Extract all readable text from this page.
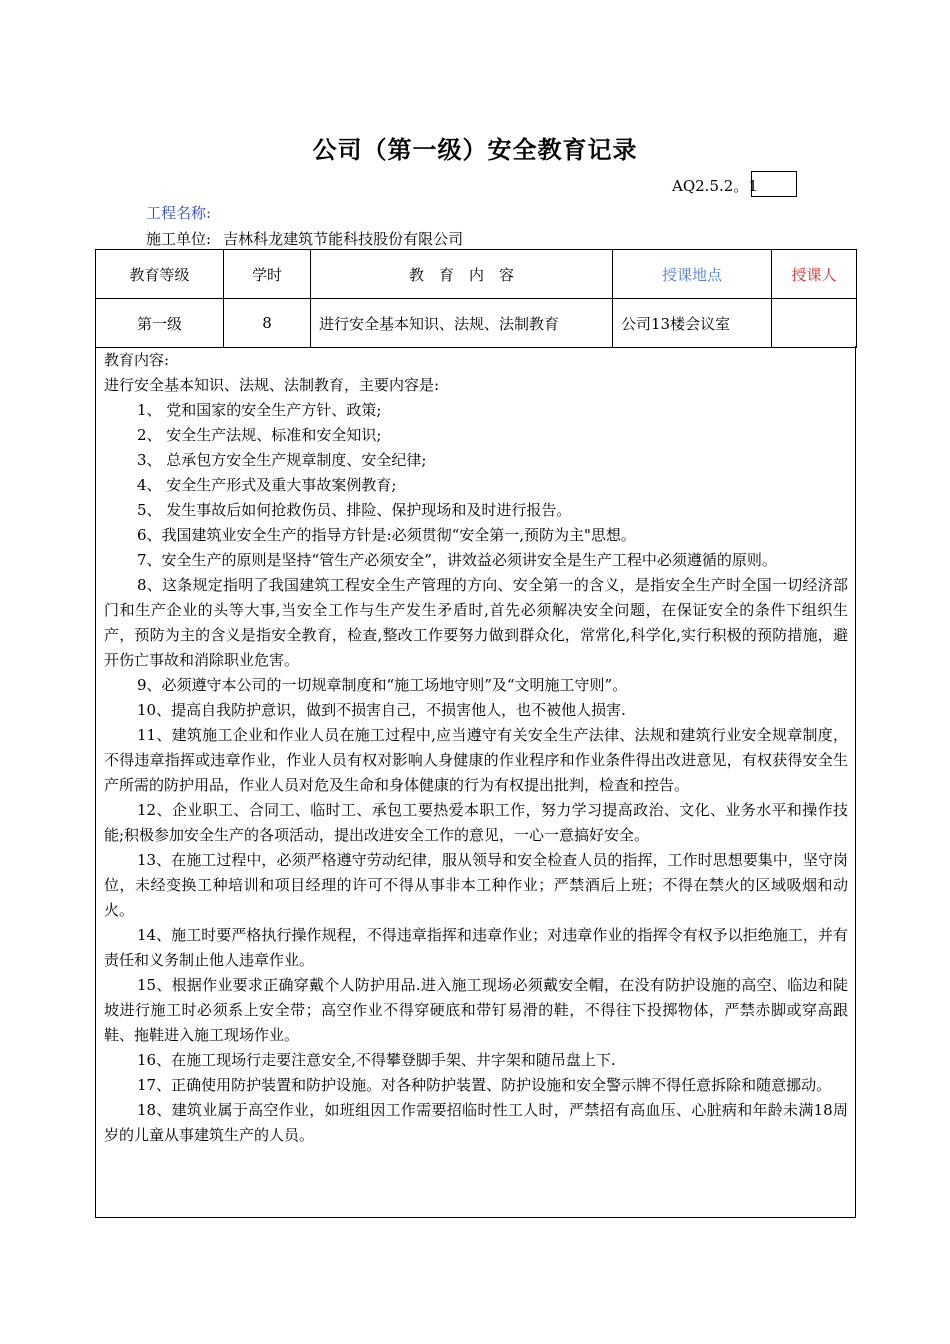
公司（第一级）安全教育记录
AQ2.5.2。1
工程名称:
施工单位: 吉林科龙建筑节能科技股份有限公司
教育等级	学时	教　育　内　容	授课地点	授课人
第一级	8	进行安全基本知识、法规、法制教育	公司13楼会议室	

教育内容:

进行安全基本知识、法规、法制教育，主要内容是:

1、 党和国家的安全生产方针、政策;

2、 安全生产法规、标准和安全知识;

3、 总承包方安全生产规章制度、安全纪律;

4、 安全生产形式及重大事故案例教育;

5、 发生事故后如何抢救伤员、排险、保护现场和及时进行报告。

6、我国建筑业安全生产的指导方针是:必须贯彻“安全第一,预防为主"思想。

7、安全生产的原则是坚持“管生产必须安全”，讲效益必须讲安全是生产工程中必须遵循的原则。

8、这条规定指明了我国建筑工程安全生产管理的方向、安全第一的含义，是指安全生产时全国一切经济部门和生产企业的头等大事,当安全工作与生产发生矛盾时,首先必须解决安全问题，在保证安全的条件下组织生产，预防为主的含义是指安全教育，检查,整改工作要努力做到群众化，常常化,科学化,实行积极的预防措施，避开伤亡事故和消除职业危害。

9、必须遵守本公司的一切规章制度和“施工场地守则”及“文明施工守则”。

10、提高自我防护意识，做到不损害自己，不损害他人，也不被他人损害.

11、建筑施工企业和作业人员在施工过程中,应当遵守有关安全生产法律、法规和建筑行业安全规章制度，不得违章指挥或违章作业，作业人员有权对影响人身健康的作业程序和作业条件得出改进意见，有权获得安全生产所需的防护用品，作业人员对危及生命和身体健康的行为有权提出批判，检查和控告。

12、企业职工、合同工、临时工、承包工要热爱本职工作，努力学习提高政治、文化、业务水平和操作技能;积极参加安全生产的各项活动，提出改进安全工作的意见，一心一意搞好安全。

13、在施工过程中，必须严格遵守劳动纪律，服从领导和安全检查人员的指挥，工作时思想要集中，坚守岗位，未经变换工种培训和项目经理的许可不得从事非本工种作业；严禁酒后上班；不得在禁火的区域吸烟和动火。

14、施工时要严格执行操作规程，不得违章指挥和违章作业；对违章作业的指挥令有权予以拒绝施工，并有责任和义务制止他人违章作业。

15、根据作业要求正确穿戴个人防护用品.进入施工现场必须戴安全帽，在没有防护设施的高空、临边和陡坡进行施工时必须系上安全带；高空作业不得穿硬底和带钉易滑的鞋，不得往下投掷物体，严禁赤脚或穿高跟鞋、拖鞋进入施工现场作业。

16、在施工现场行走要注意安全,不得攀登脚手架、井字架和随吊盘上下.

17、正确使用防护装置和防护设施。对各种防护装置、防护设施和安全警示牌不得任意拆除和随意挪动。

18、建筑业属于高空作业，如班组因工作需要招临时性工人时，严禁招有高血压、心脏病和年龄未满18周岁的儿童从事建筑生产的人员。
